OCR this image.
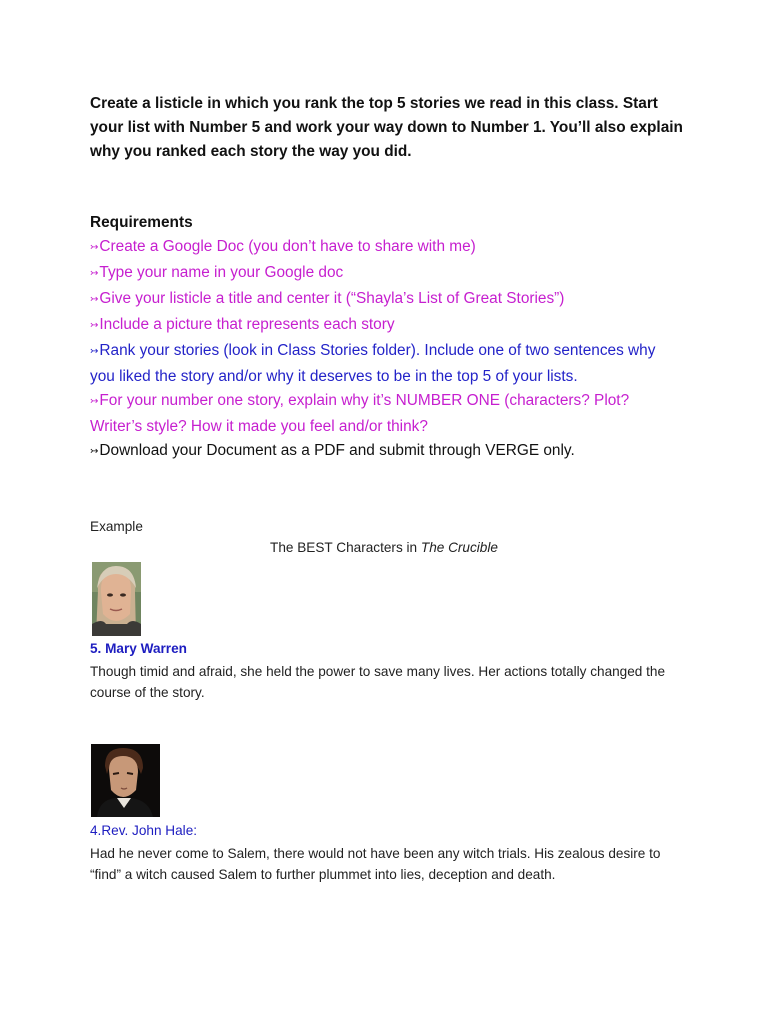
Create a listicle in which you rank the top 5 stories we read in this class. Start your list with Number 5 and work your way down to Number 1. You’ll also explain why you ranked each story the way you did.
Requirements
↣Create a Google Doc (you don’t have to share with me)
↣Type your name in your Google doc
↣Give your listicle a title and center it (“Shayla’s List of Great Stories”)
↣Include a picture that represents each story
↣Rank your stories (look in Class Stories folder). Include one of two sentences why you liked the story and/or why it deserves to be in the top 5 of your lists.
↣For your number one story, explain why it’s NUMBER ONE (characters? Plot? Writer’s style? How it made you feel and/or think?
↣Download your Document as a PDF and submit through VERGE only.
Example
The BEST Characters in The Crucible
5. Mary Warren
Though timid and afraid, she held the power to save many lives. Her actions totally changed the course of the story.
4.Rev. John Hale:
Had he never come to Salem, there would not have been any witch trials. His zealous desire to “find” a witch caused Salem to further plummet into lies, deception and death.
